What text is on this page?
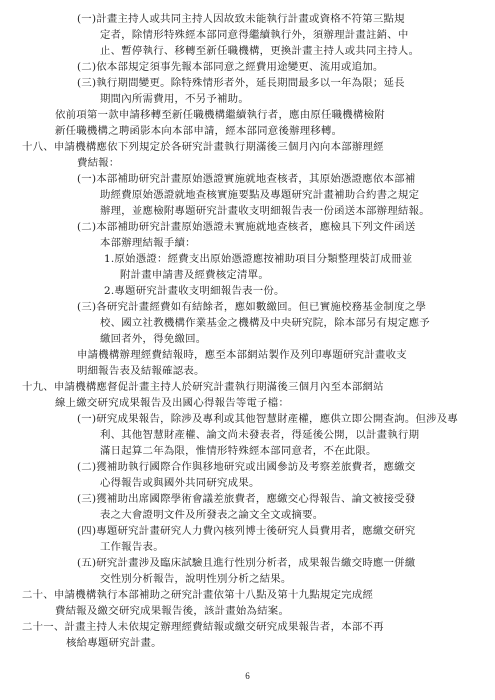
(一)計畫主持人或共同主持人因故致未能執行計畫或資格不符第三點規
定者，除情形特殊經本部同意得繼續執行外，須辦理計畫註銷、中
止、暫停執行、移轉至新任職機構，更換計畫主持人或共同主持人。
(二)依本部規定須事先報本部同意之經費用途變更、流用或追加。
(三)執行期間變更。除特殊情形者外，延長期間最多以一年為限；延長
期間內所需費用，不另予補助。
依前項第一款申請移轉至新任職機構繼續執行者，應由原任職機構檢附
新任職機構之聘函影本向本部申請，經本部同意後辦理移轉。
十八、申請機構應依下列規定於各研究計畫執行期滿後三個月內向本部辦理經
費結報：
(一)本部補助研究計畫原始憑證實施就地查核者，其原始憑證應依本部補
助經費原始憑證就地查核實施要點及專題研究計畫補助合約書之規定
辦理，並應檢附專題研究計畫收支明細報告表一份函送本部辦理結報。
(二)本部補助研究計畫原始憑證未實施就地查核者，應檢具下列文件函送
本部辦理結報手續：
1.原始憑證：經費支出原始憑證應按補助項目分類整理裝訂成冊並
附計畫申請書及經費核定清單。
2.專題研究計畫收支明細報告表一份。
(三)各研究計畫經費如有結餘者，應如數繳回。但已實施校務基金制度之學
校、國立社教機構作業基金之機構及中央研究院，除本部另有規定應予
繳回者外，得免繳回。
申請機構辦理經費結報時，應至本部網站製作及列印專題研究計畫收支
明細報告表及結報確認表。
十九、申請機構應督促計畫主持人於研究計畫執行期滿後三個月內至本部網站
線上繳交研究成果報告及出國心得報告等電子檔：
(一)研究成果報告，除涉及專利或其他智慧財產權，應供立即公開查詢。但涉及專
利、其他智慧財產權、論文尚未發表者，得延後公開，以計畫執行期
滿日起算二年為限，惟情形特殊經本部同意者，不在此限。
(二)獲補助執行國際合作與移地研究或出國參訪及考察差旅費者，應繳交
心得報告或與國外共同研究成果。
(三)獲補助出席國際學術會議差旅費者，應繳交心得報告、論文被接受發
表之大會證明文件及所發表之論文全文或摘要。
(四)專題研究計畫研究人力費內核列博士後研究人員費用者，應繳交研究
工作報告表。
(五)研究計畫涉及臨床試驗且進行性別分析者，成果報告繳交時應一併繳
交性別分析報告，說明性別分析之結果。
二十、申請機構執行本部補助之研究計畫依第十八點及第十九點規定完成經
費結報及繳交研究成果報告後，該計畫始為結案。
二十一、計畫主持人未依規定辦理經費結報或繳交研究成果報告者，本部不再
核給專題研究計畫。
6
